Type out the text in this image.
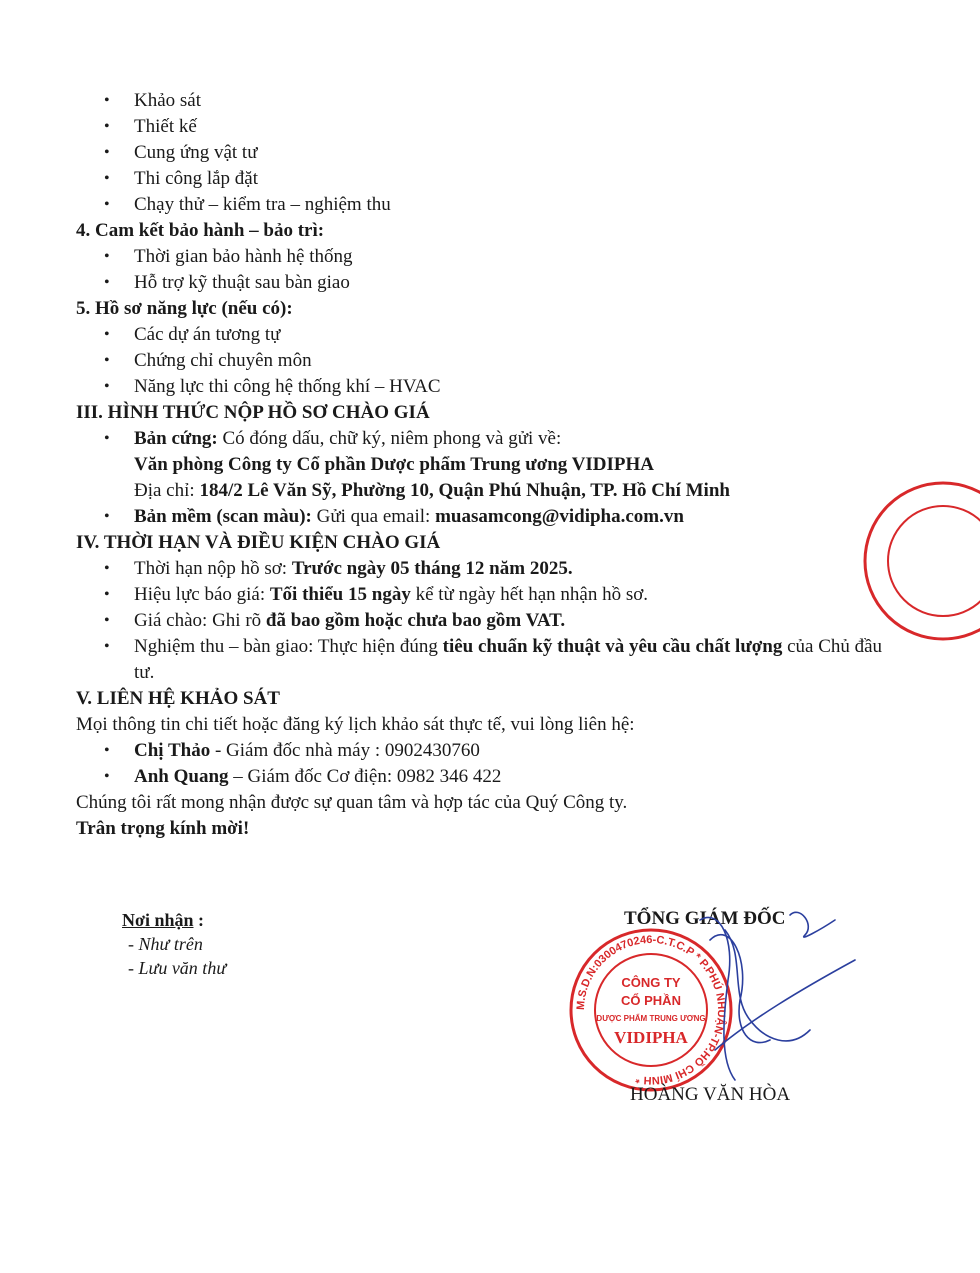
• Khảo sát
• Thiết kế
• Cung ứng vật tư
• Thi công lắp đặt
• Chạy thử – kiểm tra – nghiệm thu

4. Cam kết bảo hành – bảo trì:

• Thời gian bảo hành hệ thống
• Hỗ trợ kỹ thuật sau bàn giao

5. Hồ sơ năng lực (nếu có):

• Các dự án tương tự
• Chứng chỉ chuyên môn
• Năng lực thi công hệ thống khí – HVAC

III. HÌNH THỨC NỘP HỒ SƠ CHÀO GIÁ

• Bản cứng: Có đóng dấu, chữ ký, niêm phong và gửi về:
Văn phòng Công ty Cổ phần Dược phẩm Trung ương VIDIPHA
Địa chỉ: 184/2 Lê Văn Sỹ, Phường 10, Quận Phú Nhuận, TP. Hồ Chí Minh
• Bản mềm (scan màu): Gửi qua email: muasamcong@vidipha.com.vn

IV. THỜI HẠN VÀ ĐIỀU KIỆN CHÀO GIÁ

• Thời hạn nộp hồ sơ: Trước ngày 05 tháng 12 năm 2025.
• Hiệu lực báo giá: Tối thiểu 15 ngày kể từ ngày hết hạn nhận hồ sơ.
• Giá chào: Ghi rõ đã bao gồm hoặc chưa bao gồm VAT.
• Nghiệm thu – bàn giao: Thực hiện đúng tiêu chuẩn kỹ thuật và yêu cầu chất lượng của Chủ đầu tư.

V. LIÊN HỆ KHẢO SÁT

Mọi thông tin chi tiết hoặc đăng ký lịch khảo sát thực tế, vui lòng liên hệ:

• Chị Thảo - Giám đốc nhà máy : 0902430760
• Anh Quang – Giám đốc Cơ điện: 0982 346 422

Chúng tôi rất mong nhận được sự quan tâm và hợp tác của Quý Công ty.

Trân trọng kính mời!

Nơi nhận :
- Như trên
- Lưu văn thư
TỔNG GIÁM ĐỐC
M.S.D.N:0300470246-C.T.C.P * P.PHÚ NHUẬN-TP.HỒ CHÍ MINH *
CÔNG TY
CỔ PHẦN
DƯỢC PHẨM TRUNG ƯƠNG
VIDIPHA
HOÀNG VĂN HÒA
